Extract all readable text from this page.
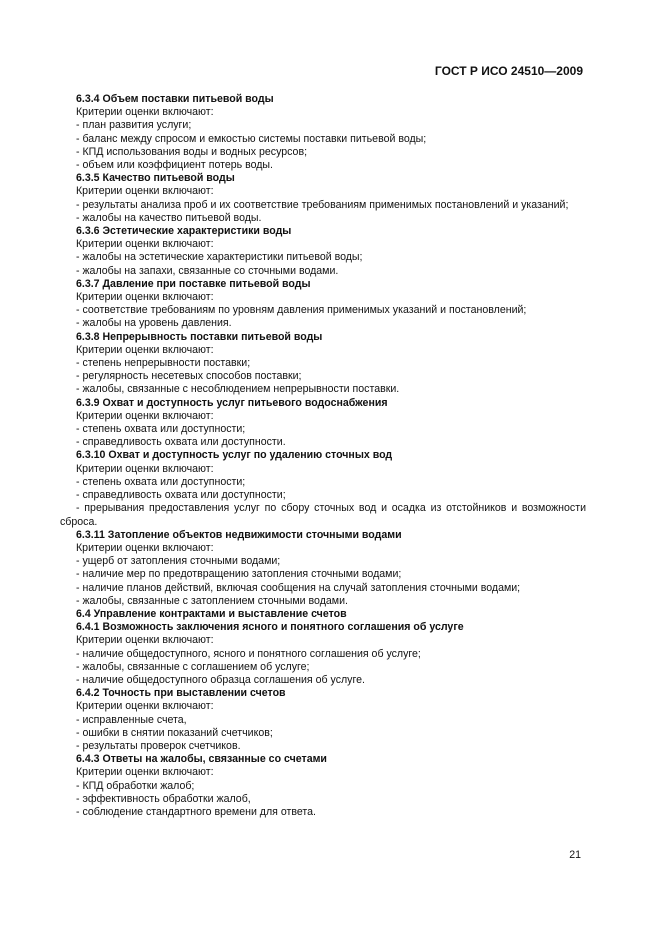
ГОСТ Р ИСО 24510—2009

6.3.4 Объем поставки питьевой воды

Критерии оценки включают:

- план развития услуги;

- баланс между спросом и емкостью системы поставки питьевой воды;

- КПД использования воды и водных ресурсов;

- объем или коэффициент потерь воды.

6.3.5 Качество питьевой воды

Критерии оценки включают:

- результаты анализа проб и их соответствие требованиям применимых постановлений и указаний;

- жалобы на качество питьевой воды.

6.3.6 Эстетические характеристики воды

Критерии оценки включают:

- жалобы на эстетические характеристики питьевой воды;

- жалобы на запахи, связанные со сточными водами.

6.3.7 Давление при поставке питьевой воды

Критерии оценки включают:

- соответствие требованиям по уровням давления применимых указаний и постановлений;

- жалобы на уровень давления.

6.3.8 Непрерывность поставки питьевой воды

Критерии оценки включают:

- степень непрерывности поставки;

- регулярность несетевых способов поставки;

- жалобы, связанные с несоблюдением непрерывности поставки.

6.3.9 Охват и доступность услуг питьевого водоснабжения

Критерии оценки включают:

- степень охвата или доступности;

- справедливость охвата или доступности.

6.3.10 Охват и доступность услуг по удалению сточных вод

Критерии оценки включают:

- степень охвата или доступности;

- справедливость охвата или доступности;

- прерывания предоставления услуг по сбору сточных вод и осадка из отстойников и возможности сброса.

6.3.11 Затопление объектов недвижимости сточными водами

Критерии оценки включают:

- ущерб от затопления сточными водами;

- наличие мер по предотвращению затопления сточными водами;

- наличие планов действий, включая сообщения на случай затопления сточными водами;

- жалобы, связанные с затоплением сточными водами.

6.4 Управление контрактами и выставление счетов

6.4.1 Возможность заключения ясного и понятного соглашения об услуге

Критерии оценки включают:

- наличие общедоступного, ясного и понятного соглашения об услуге;

- жалобы, связанные с соглашением об услуге;

- наличие общедоступного образца соглашения об услуге.

6.4.2 Точность при выставлении счетов

Критерии оценки включают:

- исправленные счета,

- ошибки в снятии показаний счетчиков;

- результаты проверок счетчиков.

6.4.3 Ответы на жалобы, связанные со счетами

Критерии оценки включают:

- КПД обработки жалоб;

- эффективность обработки жалоб,

- соблюдение стандартного времени для ответа.

21
